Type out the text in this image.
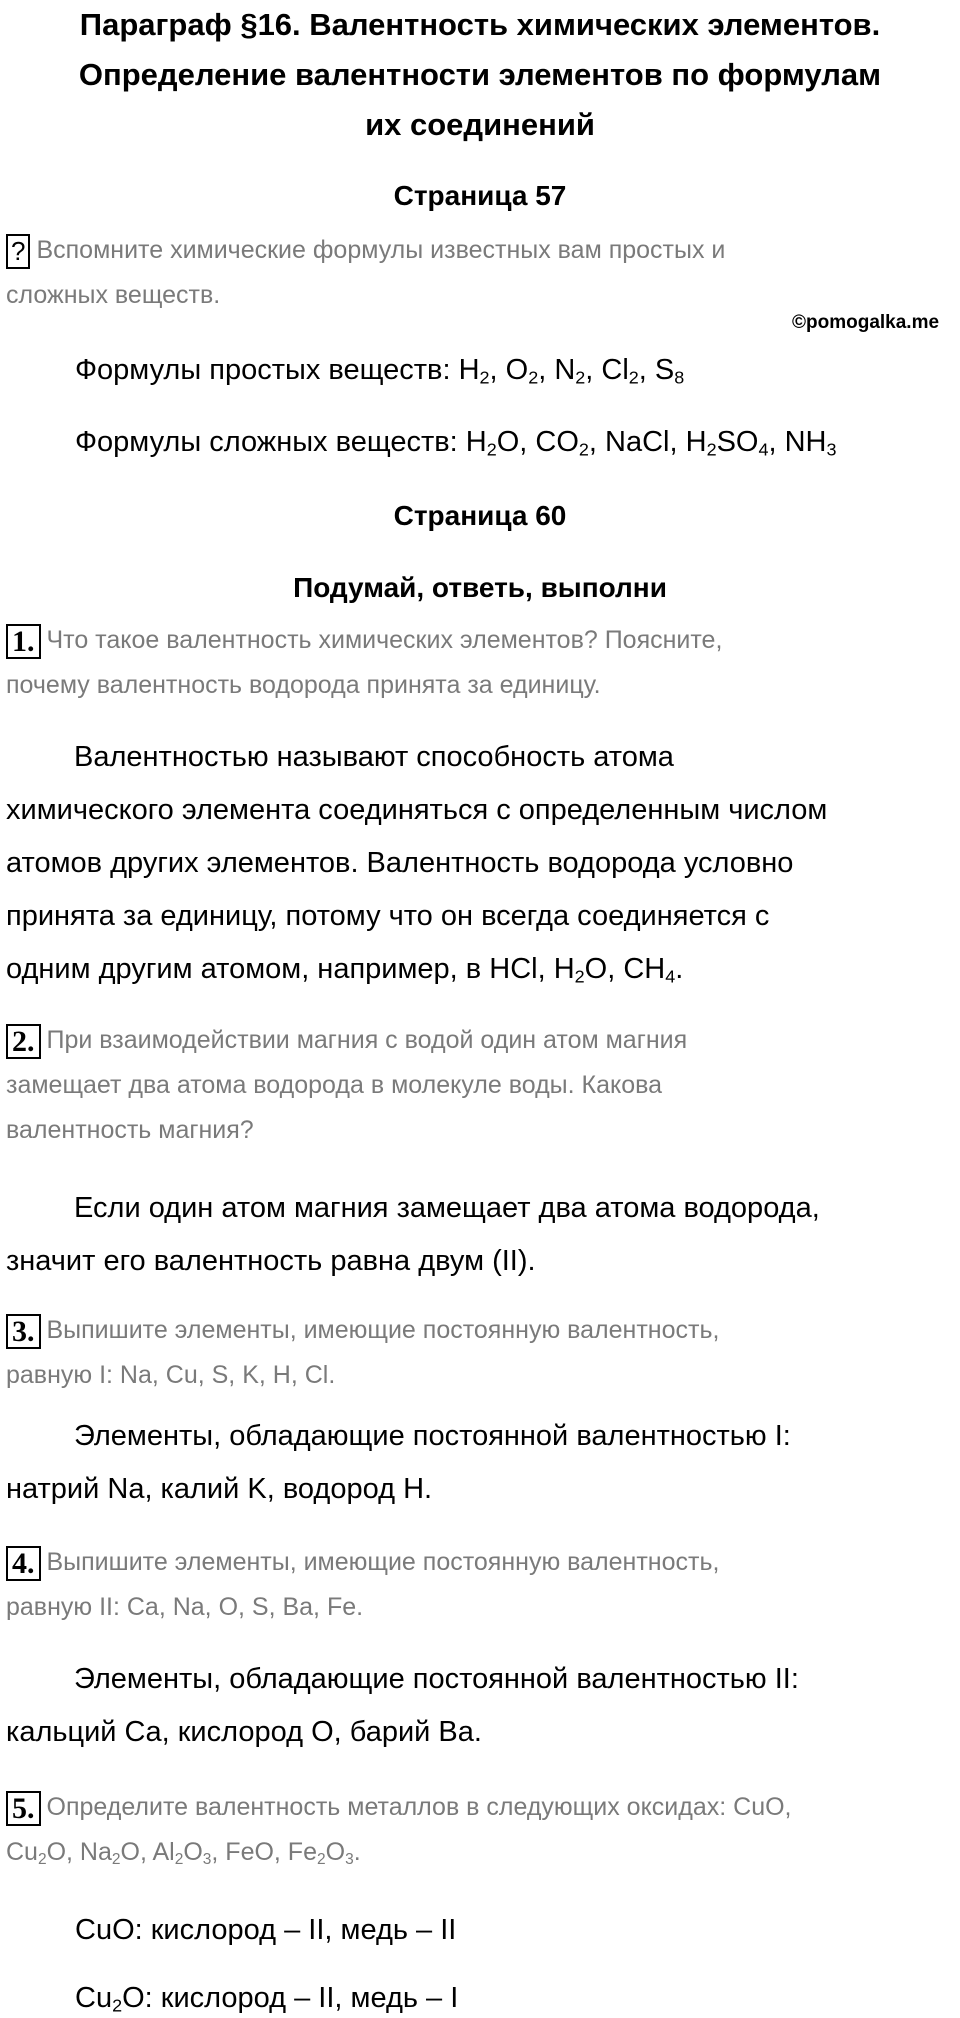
Параграф §16. Валентность химических элементов.
Определение валентности элементов по формулам
их соединений
Страница 57
? Вспомните химические формулы известных вам простых и
сложных веществ.
©pomogalka.me
Формулы простых веществ: $H_2$, $O_2$, $N_2$, $Cl_2$, $S_8$
Формулы сложных веществ: $H_2O$, $CO_2$, NaCl, $H_2SO_4$, $NH_3$
Страница 60
Подумай, ответь, выполни
1. Что такое валентность химических элементов? Поясните,
почему валентность водорода принята за единицу.
Валентностью называют способность атома
химического элемента соединяться с определенным числом
атомов других элементов. Валентность водорода условно
принята за единицу, потому что он всегда соединяется с
одним другим атомом, например, в HCl, $H_2O$, $CH_4$.
2. При взаимодействии магния с водой один атом магния
замещает два атома водорода в молекуле воды. Какова
валентность магния?
Если один атом магния замещает два атома водорода,
значит его валентность равна двум (II).
3. Выпишите элементы, имеющие постоянную валентность,
равную I: Na, Cu, S, K, H, Cl.
Элементы, обладающие постоянной валентностью I:
натрий Na, калий K, водород H.
4. Выпишите элементы, имеющие постоянную валентность,
равную II: Ca, Na, O, S, Ba, Fe.
Элементы, обладающие постоянной валентностью II:
кальций Ca, кислород O, барий Ba.
5. Определите валентность металлов в следующих оксидах: CuO,
$Cu_2O$, $Na_2O$, $Al_2O_3$, FeO, $Fe_2O_3$.
CuO: кислород – II, медь – II
$Cu_2O$: кислород – II, медь – I
